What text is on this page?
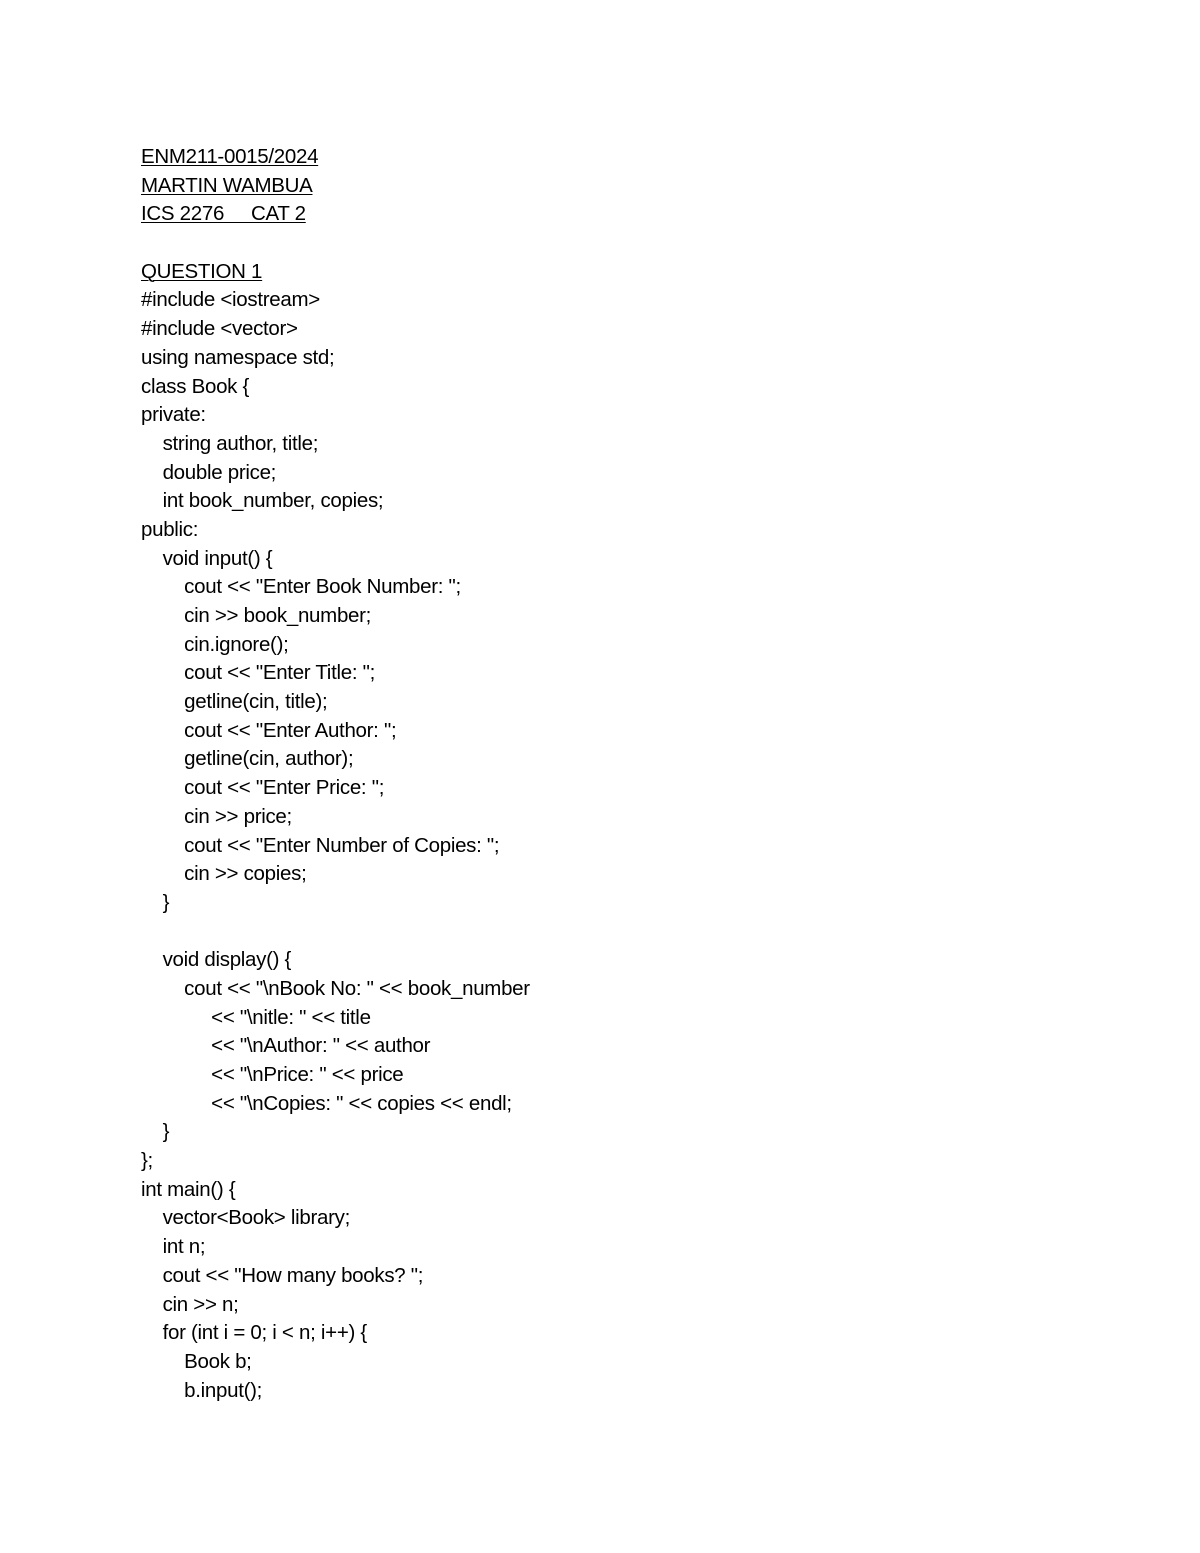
ENM211-0015/2024
MARTIN WAMBUA
ICS 2276     CAT 2
QUESTION 1
#include <iostream>
#include <vector>
using namespace std;
class Book {
private:
string author, title;
double price;
int book_number, copies;
public:
void input() {
cout << "Enter Book Number: ";
cin >> book_number;
cin.ignore();
cout << "Enter Title: ";
getline(cin, title);
cout << "Enter Author: ";
getline(cin, author);
cout << "Enter Price: ";
cin >> price;
cout << "Enter Number of Copies: ";
cin >> copies;
}
void display() {
cout << "\nBook No: " << book_number
<< "\nitle: " << title
<< "\nAuthor: " << author
<< "\nPrice: " << price
<< "\nCopies: " << copies << endl;
}
};
int main() {
vector<Book> library;
int n;
cout << "How many books? ";
cin >> n;
for (int i = 0; i < n; i++) {
Book b;
b.input();
